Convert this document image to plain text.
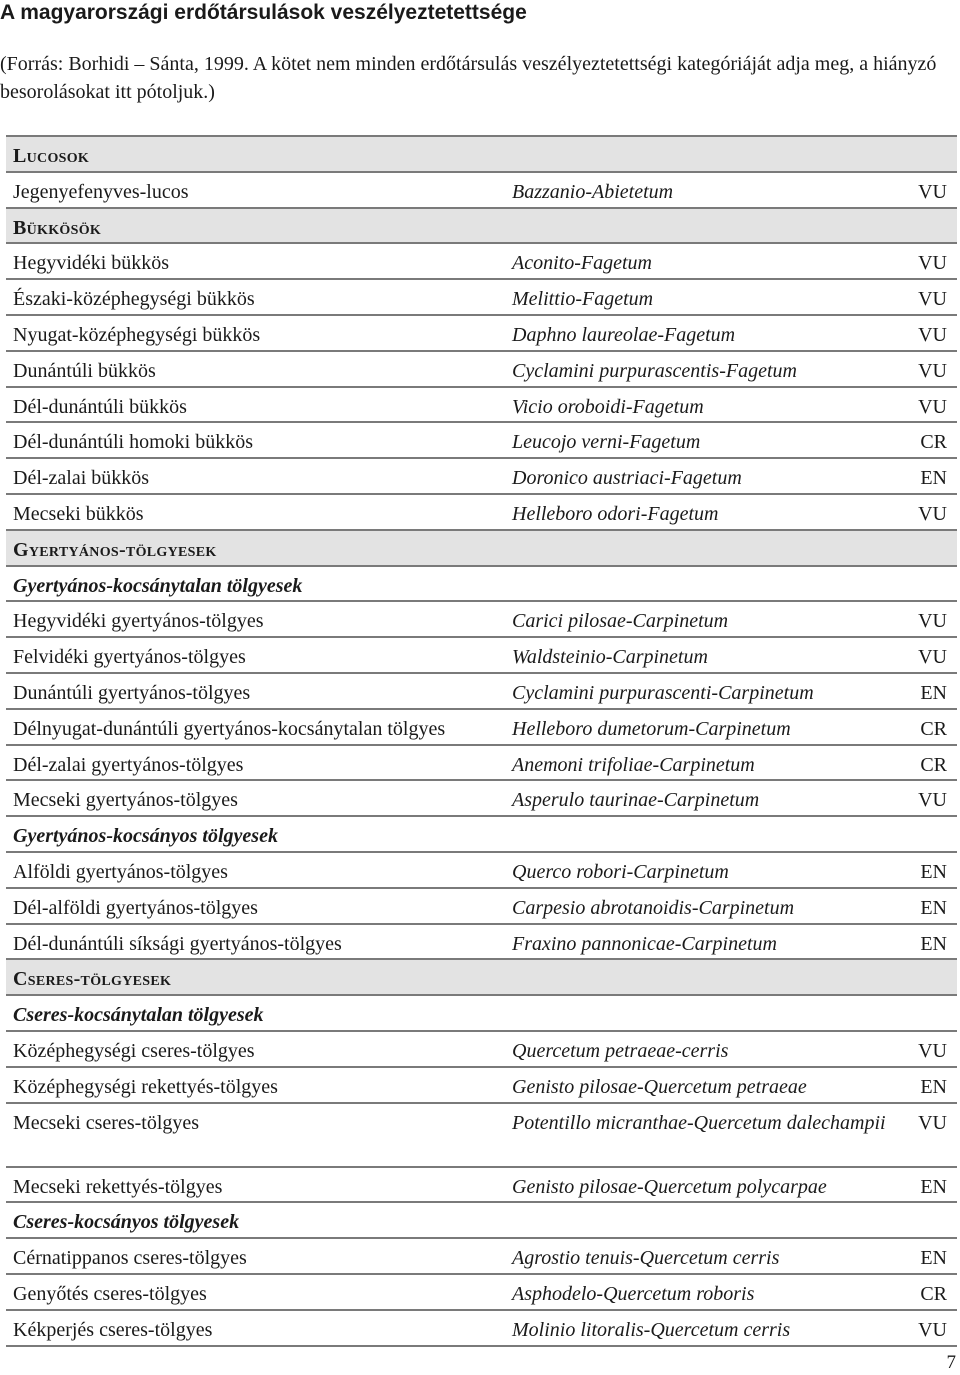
A magyarországi erdőtársulások veszélyeztetettsége
(Forrás: Borhidi – Sánta, 1999. A kötet nem minden erdőtársulás veszélyeztetettségi kategóriáját adja meg, a hiányzó besorolásokat itt pótoljuk.)
Lucosok
Jegenyefenyves-lucos	Bazzanio-Abietetum	VU
Bükkösök
Hegyvidéki bükkös	Aconito-Fagetum	VU
Északi-középhegységi bükkös	Melittio-Fagetum	VU
Nyugat-középhegységi bükkös	Daphno laureolae-Fagetum	VU
Dunántúli bükkös	Cyclamini purpurascentis-Fagetum	VU
Dél-dunántúli bükkös	Vicio oroboidi-Fagetum	VU
Dél-dunántúli homoki bükkös	Leucojo verni-Fagetum	CR
Dél-zalai bükkös	Doronico austriaci-Fagetum	EN
Mecseki bükkös	Helleboro odori-Fagetum	VU
Gyertyános-tölgyesek
Gyertyános-kocsánytalan tölgyesek
Hegyvidéki gyertyános-tölgyes	Carici pilosae-Carpinetum	VU
Felvidéki gyertyános-tölgyes	Waldsteinio-Carpinetum	VU
Dunántúli gyertyános-tölgyes	Cyclamini purpurascenti-Carpinetum	EN
Délnyugat-dunántúli gyertyános-kocsánytalan tölgyes	Helleboro dumetorum-Carpinetum	CR
Dél-zalai gyertyános-tölgyes	Anemoni trifoliae-Carpinetum	CR
Mecseki gyertyános-tölgyes	Asperulo taurinae-Carpinetum	VU
Gyertyános-kocsányos tölgyesek
Alföldi gyertyános-tölgyes	Querco robori-Carpinetum	EN
Dél-alföldi gyertyános-tölgyes	Carpesio abrotanoidis-Carpinetum	EN
Dél-dunántúli síksági gyertyános-tölgyes	Fraxino pannonicae-Carpinetum	EN
Cseres-tölgyesek
Cseres-kocsánytalan tölgyesek
Középhegységi cseres-tölgyes	Quercetum petraeae-cerris	VU
Középhegységi rekettyés-tölgyes	Genisto pilosae-Quercetum petraeae	EN
Mecseki cseres-tölgyes	Potentillo micranthae-Quercetum dalechampii	VU
Mecseki rekettyés-tölgyes	Genisto pilosae-Quercetum polycarpae	EN
Cseres-kocsányos tölgyesek
Cérnatippanos cseres-tölgyes	Agrostio tenuis-Quercetum cerris	EN
Genyőtés cseres-tölgyes	Asphodelo-Quercetum roboris	CR
Kékperjés cseres-tölgyes	Molinio litoralis-Quercetum cerris	VU
7
